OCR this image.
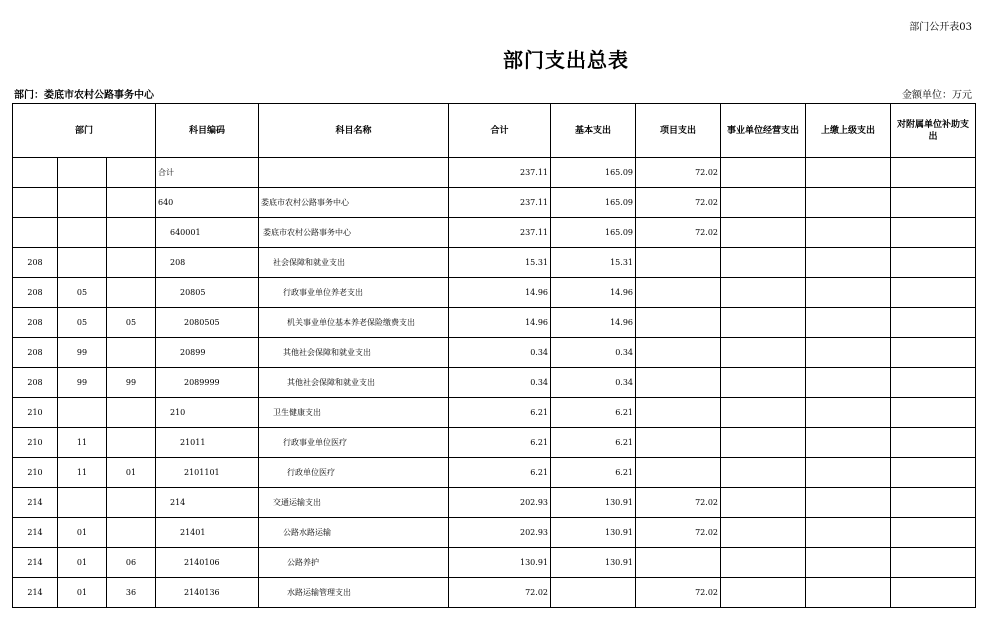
部门公开表03
部门支出总表
部门：娄底市农村公路事务中心	金额单位：万元
部门			科目编码	科目名称	合计	基本支出	项目支出	事业单位经营支出	上缴上级支出	对附属单位补助支出
			合计		237.11	165.09	72.02			
			640	娄底市农村公路事务中心	237.11	165.09	72.02			
			640001	娄底市农村公路事务中心	237.11	165.09	72.02			
208			208	社会保障和就业支出	15.31	15.31				
208	05		20805	行政事业单位养老支出	14.96	14.96				
208	05	05	2080505	机关事业单位基本养老保险缴费支出	14.96	14.96				
208	99		20899	其他社会保障和就业支出	0.34	0.34				
208	99	99	2089999	其他社会保障和就业支出	0.34	0.34				
210			210	卫生健康支出	6.21	6.21				
210	11		21011	行政事业单位医疗	6.21	6.21				
210	11	01	2101101	行政单位医疗	6.21	6.21				
214			214	交通运输支出	202.93	130.91	72.02			
214	01		21401	公路水路运输	202.93	130.91	72.02			
214	01	06	2140106	公路养护	130.91	130.91				
214	01	36	2140136	水路运输管理支出	72.02		72.02			
